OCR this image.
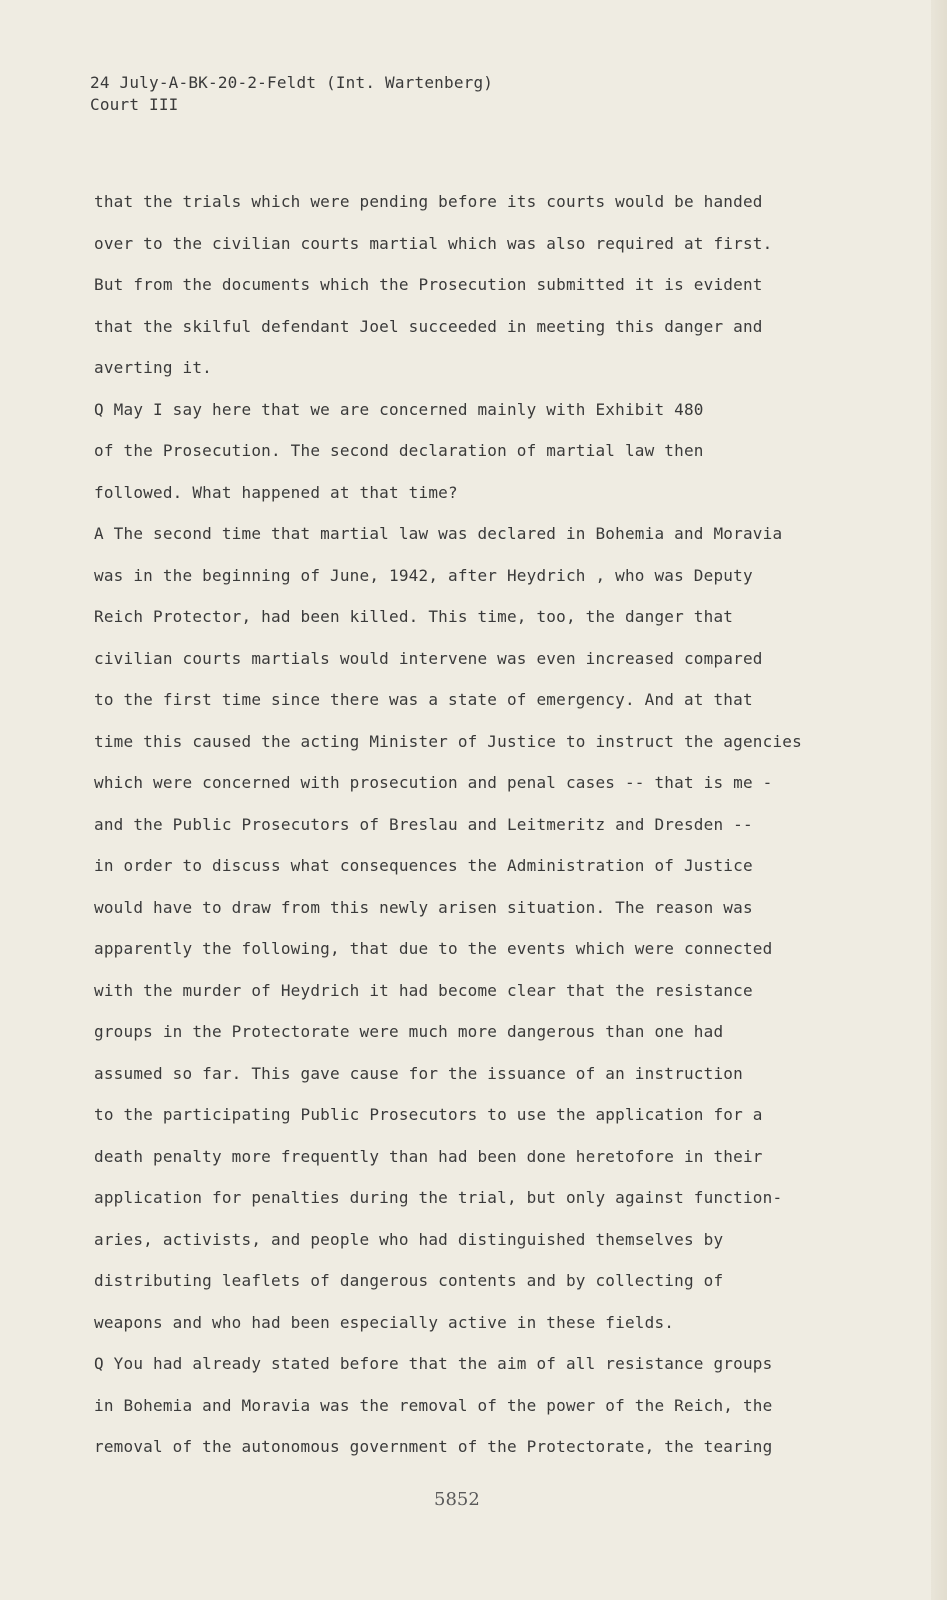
24 July-A-BK-20-2-Feldt (Int. Wartenberg)
Court III
that the trials which were pending before its courts would be handed
over to the civilian courts martial which was also required at first.
But from the documents which the Prosecution submitted it is evident
that the skilful defendant Joel succeeded in meeting this danger and
averting it.
Q May I say here that we are concerned mainly with Exhibit 480
of the Prosecution. The second declaration of martial law then
followed. What happened at that time?
A The second time that martial law was declared in Bohemia and Moravia
was in the beginning of June, 1942, after Heydrich , who was Deputy
Reich Protector, had been killed. This time, too, the danger that
civilian courts martials would intervene was even increased compared
to the first time since there was a state of emergency. And at that
time this caused the acting Minister of Justice to instruct the agencies
which were concerned with prosecution and penal cases -- that is me -
and the Public Prosecutors of Breslau and Leitmeritz and Dresden --
in order to discuss what consequences the Administration of Justice
would have to draw from this newly arisen situation. The reason was
apparently the following, that due to the events which were connected
with the murder of Heydrich it had become clear that the resistance
groups in the Protectorate were much more dangerous than one had
assumed so far. This gave cause for the issuance of an instruction
to the participating Public Prosecutors to use the application for a
death penalty more frequently than had been done heretofore in their
application for penalties during the trial, but only against function-
aries, activists, and people who had distinguished themselves by
distributing leaflets of dangerous contents and by collecting of
weapons and who had been especially active in these fields.
Q You had already stated before that the aim of all resistance groups
in Bohemia and Moravia was the removal of the power of the Reich, the
removal of the autonomous government of the Protectorate, the tearing
5852
